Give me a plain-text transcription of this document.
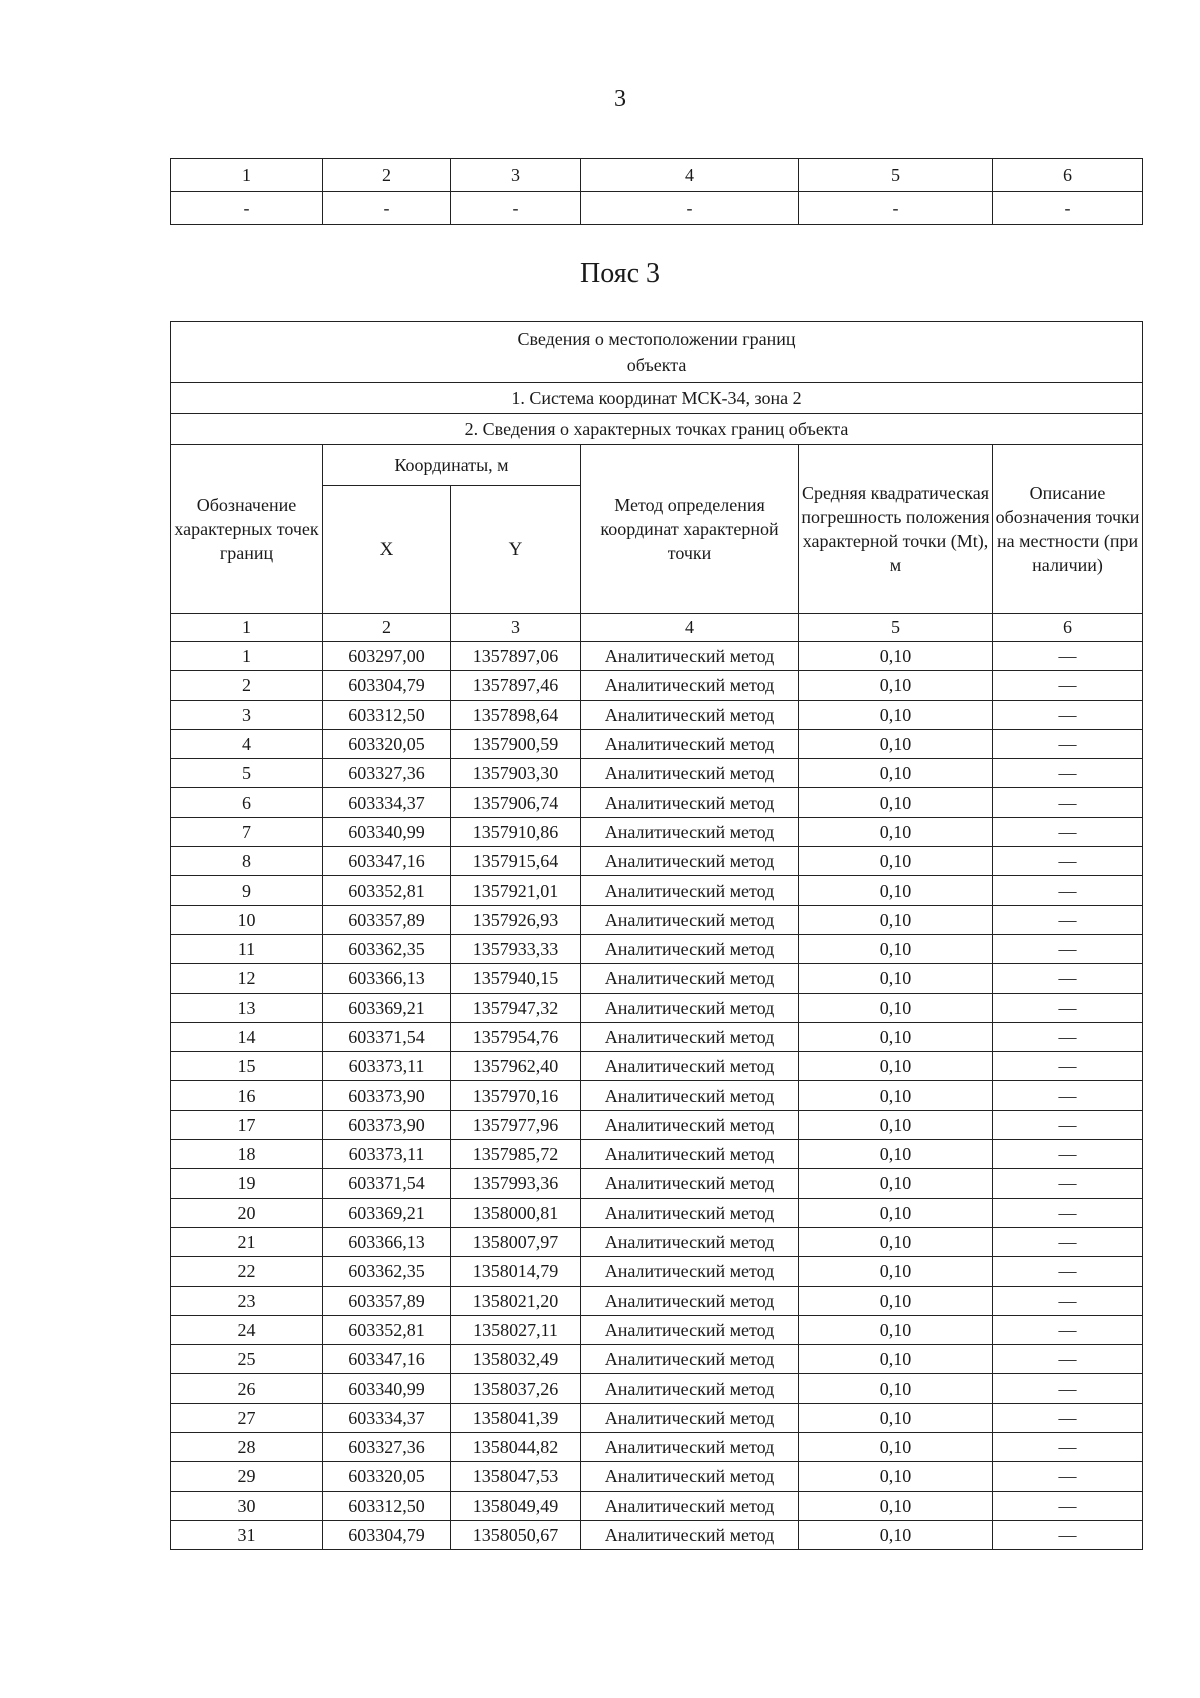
3
1	2	3	4	5	6
-	-	-	-	-	-
Пояс 3
Сведения о местоположении границ объекта					
1. Система координат МСК-34, зона 2					
2. Сведения о характерных точках границ объекта					
Обозначение характерных точек границ	Координаты, м		Метод определения координат характерной точки	Средняя квадратическая погрешность положения характерной точки (Mt), м	Описание обозначения точки на местности (при наличии)
	X	Y			
1	2	3	4	5	6
1	603297,00	1357897,06	Аналитический метод	0,10	—
2	603304,79	1357897,46	Аналитический метод	0,10	—
3	603312,50	1357898,64	Аналитический метод	0,10	—
4	603320,05	1357900,59	Аналитический метод	0,10	—
5	603327,36	1357903,30	Аналитический метод	0,10	—
6	603334,37	1357906,74	Аналитический метод	0,10	—
7	603340,99	1357910,86	Аналитический метод	0,10	—
8	603347,16	1357915,64	Аналитический метод	0,10	—
9	603352,81	1357921,01	Аналитический метод	0,10	—
10	603357,89	1357926,93	Аналитический метод	0,10	—
11	603362,35	1357933,33	Аналитический метод	0,10	—
12	603366,13	1357940,15	Аналитический метод	0,10	—
13	603369,21	1357947,32	Аналитический метод	0,10	—
14	603371,54	1357954,76	Аналитический метод	0,10	—
15	603373,11	1357962,40	Аналитический метод	0,10	—
16	603373,90	1357970,16	Аналитический метод	0,10	—
17	603373,90	1357977,96	Аналитический метод	0,10	—
18	603373,11	1357985,72	Аналитический метод	0,10	—
19	603371,54	1357993,36	Аналитический метод	0,10	—
20	603369,21	1358000,81	Аналитический метод	0,10	—
21	603366,13	1358007,97	Аналитический метод	0,10	—
22	603362,35	1358014,79	Аналитический метод	0,10	—
23	603357,89	1358021,20	Аналитический метод	0,10	—
24	603352,81	1358027,11	Аналитический метод	0,10	—
25	603347,16	1358032,49	Аналитический метод	0,10	—
26	603340,99	1358037,26	Аналитический метод	0,10	—
27	603334,37	1358041,39	Аналитический метод	0,10	—
28	603327,36	1358044,82	Аналитический метод	0,10	—
29	603320,05	1358047,53	Аналитический метод	0,10	—
30	603312,50	1358049,49	Аналитический метод	0,10	—
31	603304,79	1358050,67	Аналитический метод	0,10	—
